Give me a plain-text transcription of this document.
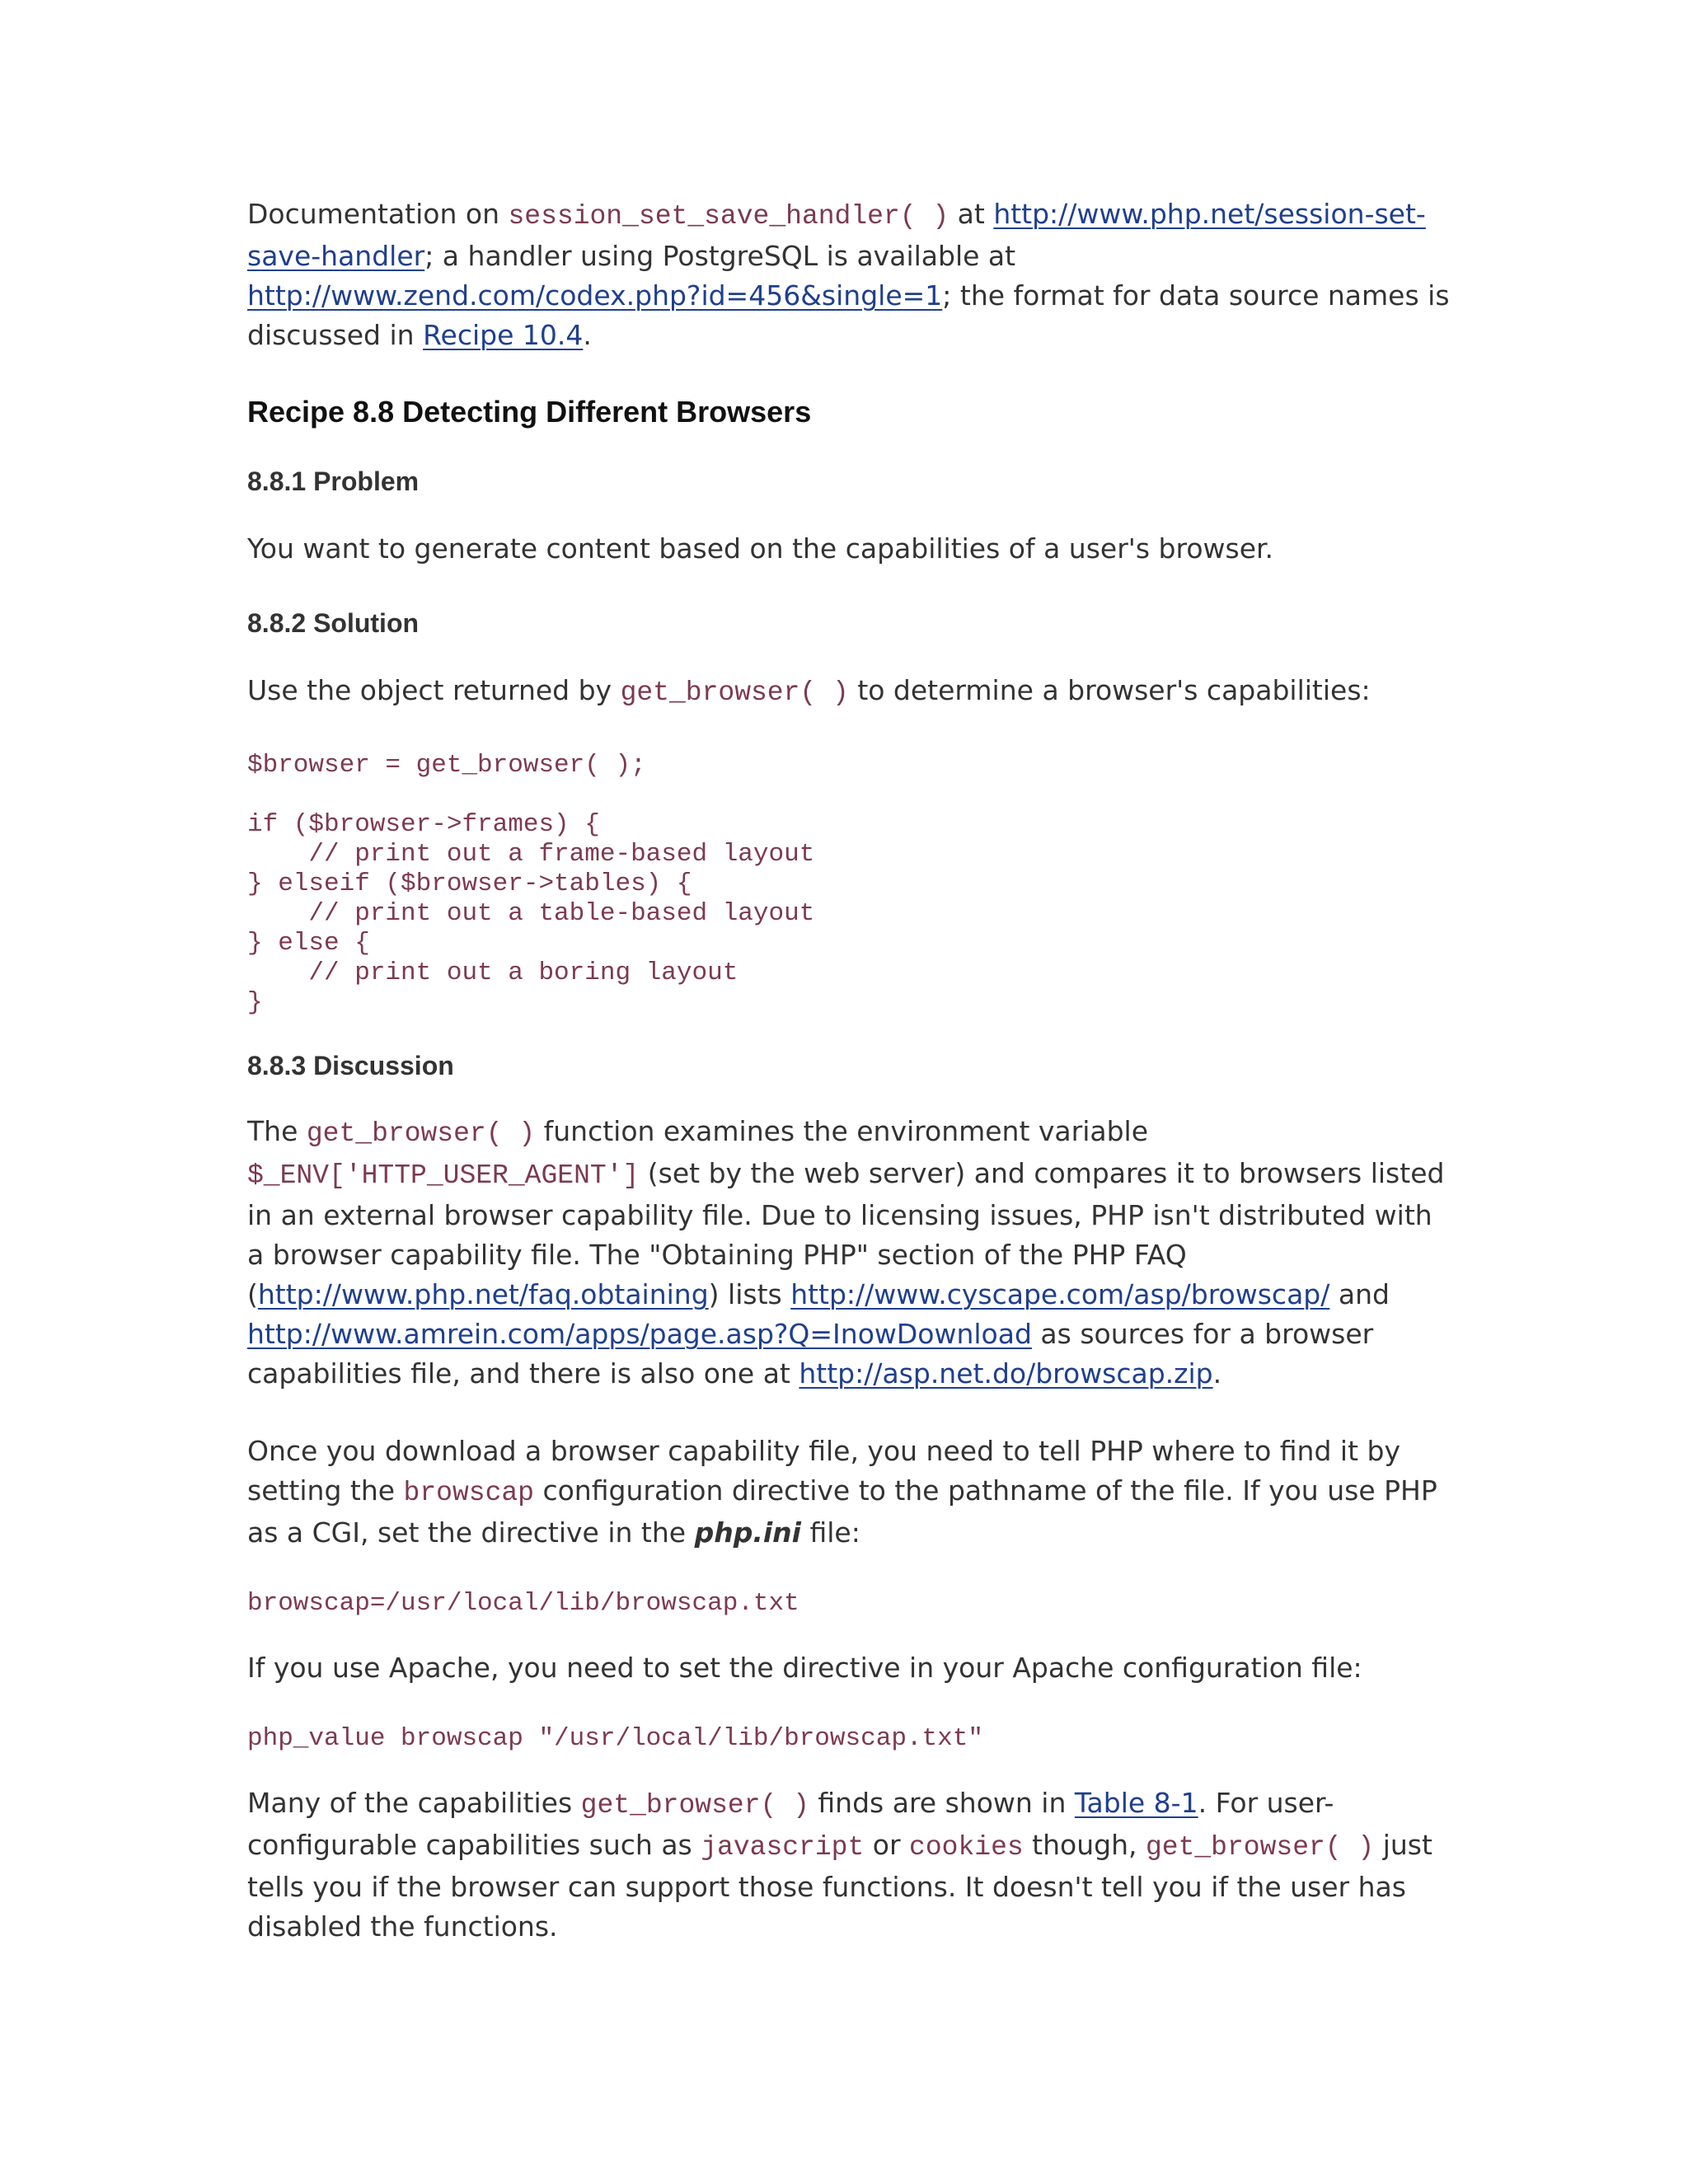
Documentation on session_set_save_handler( ) at http://www.php.net/session-set-save-handler; a handler using PostgreSQL is available at http://www.zend.com/codex.php?id=456&single=1; the format for data source names is discussed in Recipe 10.4.

Recipe 8.8 Detecting Different Browsers
8.8.1 Problem

You want to generate content based on the capabilities of a user's browser.

8.8.2 Solution

Use the object returned by get_browser( ) to determine a browser's capabilities:

$browser = get_browser( );

if ($browser->frames) {
// print out a frame-based layout
} elseif ($browser->tables) {
// print out a table-based layout
} else {
// print out a boring layout
}
8.8.3 Discussion

The get_browser( ) function examines the environment variable $_ENV['HTTP_USER_AGENT'] (set by the web server) and compares it to browsers listed in an external browser capability file. Due to licensing issues, PHP isn't distributed with a browser capability file. The "Obtaining PHP" section of the PHP FAQ (http://www.php.net/faq.obtaining) lists http://www.cyscape.com/asp/browscap/ and http://www.amrein.com/apps/page.asp?Q=InowDownload as sources for a browser capabilities file, and there is also one at http://asp.net.do/browscap.zip.

Once you download a browser capability file, you need to tell PHP where to find it by setting the browscap configuration directive to the pathname of the file. If you use PHP as a CGI, set the directive in the php.ini file:

browscap=/usr/local/lib/browscap.txt

If you use Apache, you need to set the directive in your Apache configuration file:

php_value browscap "/usr/local/lib/browscap.txt"

Many of the capabilities get_browser( ) finds are shown in Table 8-1. For user-configurable capabilities such as javascript or cookies though, get_browser( ) just tells you if the browser can support those functions. It doesn't tell you if the user has disabled the functions.
